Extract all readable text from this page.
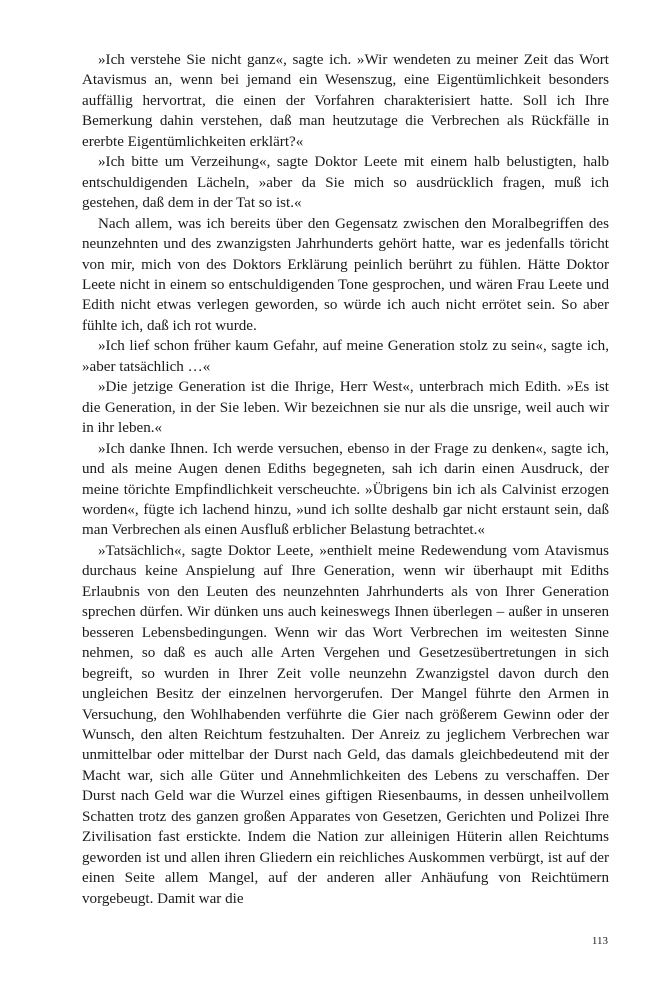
»Ich verstehe Sie nicht ganz«, sagte ich. »Wir wendeten zu meiner Zeit das Wort Atavismus an, wenn bei jemand ein Wesenszug, eine Eigentümlichkeit besonders auffällig hervortrat, die einen der Vorfahren charakterisiert hatte. Soll ich Ihre Bemerkung dahin verstehen, daß man heutzutage die Verbrechen als Rückfälle in ererbte Eigentümlichkeiten erklärt?«

»Ich bitte um Verzeihung«, sagte Doktor Leete mit einem halb belustigten, halb entschuldigenden Lächeln, »aber da Sie mich so ausdrücklich fragen, muß ich gestehen, daß dem in der Tat so ist.«

Nach allem, was ich bereits über den Gegensatz zwischen den Moralbegriffen des neunzehnten und des zwanzigsten Jahrhunderts gehört hatte, war es jedenfalls töricht von mir, mich von des Doktors Erklärung peinlich berührt zu fühlen. Hätte Doktor Leete nicht in einem so entschuldigenden Tone gesprochen, und wären Frau Leete und Edith nicht etwas verlegen geworden, so würde ich auch nicht errötet sein. So aber fühlte ich, daß ich rot wurde.

»Ich lief schon früher kaum Gefahr, auf meine Generation stolz zu sein«, sagte ich, »aber tatsächlich …«

»Die jetzige Generation ist die Ihrige, Herr West«, unterbrach mich Edith. »Es ist die Generation, in der Sie leben. Wir bezeichnen sie nur als die unsrige, weil auch wir in ihr leben.«

»Ich danke Ihnen. Ich werde versuchen, ebenso in der Frage zu denken«, sagte ich, und als meine Augen denen Ediths begegneten, sah ich darin einen Ausdruck, der meine törichte Empfindlichkeit verscheuchte. »Übrigens bin ich als Calvinist erzogen worden«, fügte ich lachend hinzu, »und ich sollte deshalb gar nicht erstaunt sein, daß man Verbrechen als einen Ausfluß erblicher Belastung betrachtet.«

»Tatsächlich«, sagte Doktor Leete, »enthielt meine Redewendung vom Atavismus durchaus keine Anspielung auf Ihre Generation, wenn wir überhaupt mit Ediths Erlaubnis von den Leuten des neunzehnten Jahrhunderts als von Ihrer Generation sprechen dürfen. Wir dünken uns auch keineswegs Ihnen überlegen – außer in unseren besseren Lebensbedingungen. Wenn wir das Wort Verbrechen im weitesten Sinne nehmen, so daß es auch alle Arten Vergehen und Gesetzesübertretungen in sich begreift, so wurden in Ihrer Zeit volle neunzehn Zwanzigstel davon durch den ungleichen Besitz der einzelnen hervorgerufen. Der Mangel führte den Armen in Versuchung, den Wohlhabenden verführte die Gier nach größerem Gewinn oder der Wunsch, den alten Reichtum festzuhalten. Der Anreiz zu jeglichem Verbrechen war unmittelbar oder mittelbar der Durst nach Geld, das damals gleichbedeutend mit der Macht war, sich alle Güter und Annehmlichkeiten des Lebens zu verschaffen. Der Durst nach Geld war die Wurzel eines giftigen Riesenbaums, in dessen unheilvollem Schatten trotz des ganzen großen Apparates von Gesetzen, Gerichten und Polizei Ihre Zivilisation fast erstickte. Indem die Nation zur alleinigen Hüterin allen Reichtums geworden ist und allen ihren Gliedern ein reichliches Auskommen verbürgt, ist auf der einen Seite allem Mangel, auf der anderen aller Anhäufung von Reichtümern vorgebeugt. Damit war die

113
